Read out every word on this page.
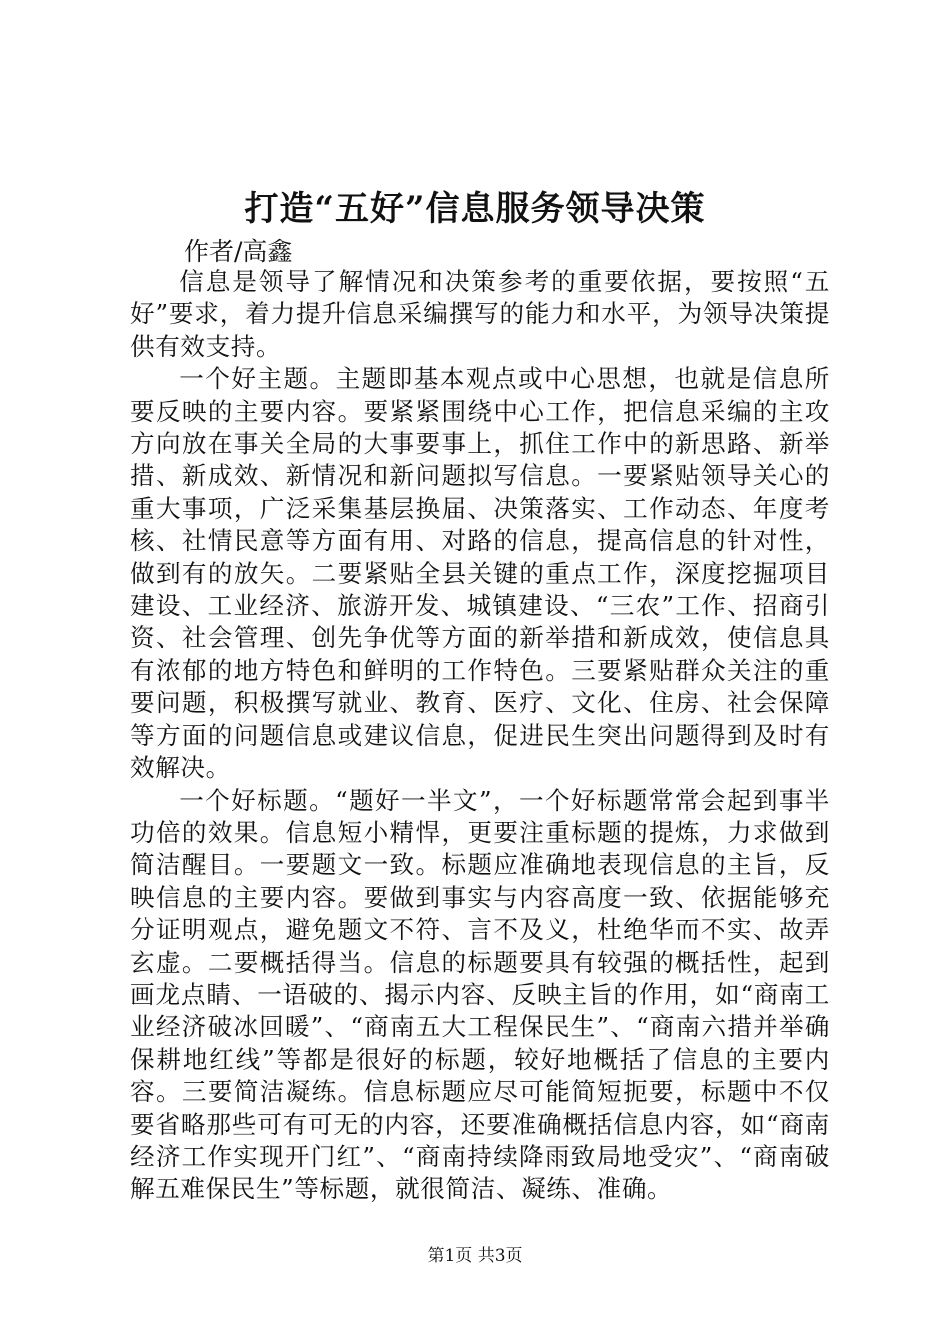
打造“五好”信息服务领导决策

作者/高鑫

信息是领导了解情况和决策参考的重要依据，要按照“五好”要求，着力提升信息采编撰写的能力和水平，为领导决策提供有效支持。

一个好主题。主题即基本观点或中心思想，也就是信息所要反映的主要内容。要紧紧围绕中心工作，把信息采编的主攻方向放在事关全局的大事要事上，抓住工作中的新思路、新举措、新成效、新情况和新问题拟写信息。一要紧贴领导关心的重大事项，广泛采集基层换届、决策落实、工作动态、年度考核、社情民意等方面有用、对路的信息，提高信息的针对性，做到有的放矢。二要紧贴全县关键的重点工作，深度挖掘项目建设、工业经济、旅游开发、城镇建设、“三农”工作、招商引资、社会管理、创先争优等方面的新举措和新成效，使信息具有浓郁的地方特色和鲜明的工作特色。三要紧贴群众关注的重要问题，积极撰写就业、教育、医疗、文化、住房、社会保障等方面的问题信息或建议信息，促进民生突出问题得到及时有效解决。

一个好标题。“题好一半文”，一个好标题常常会起到事半功倍的效果。信息短小精悍，更要注重标题的提炼，力求做到简洁醒目。一要题文一致。标题应准确地表现信息的主旨，反映信息的主要内容。要做到事实与内容高度一致、依据能够充分证明观点，避免题文不符、言不及义，杜绝华而不实、故弄玄虚。二要概括得当。信息的标题要具有较强的概括性，起到画龙点睛、一语破的、揭示内容、反映主旨的作用，如“商南工业经济破冰回暖”、“商南五大工程保民生”、“商南六措并举确保耕地红线”等都是很好的标题，较好地概括了信息的主要内容。三要简洁凝练。信息标题应尽可能简短扼要，标题中不仅要省略那些可有可无的内容，还要准确概括信息内容，如“商南经济工作实现开门红”、“商南持续降雨致局地受灾”、“商南破解五难保民生”等标题，就很简洁、凝练、准确。

第1页 共3页
